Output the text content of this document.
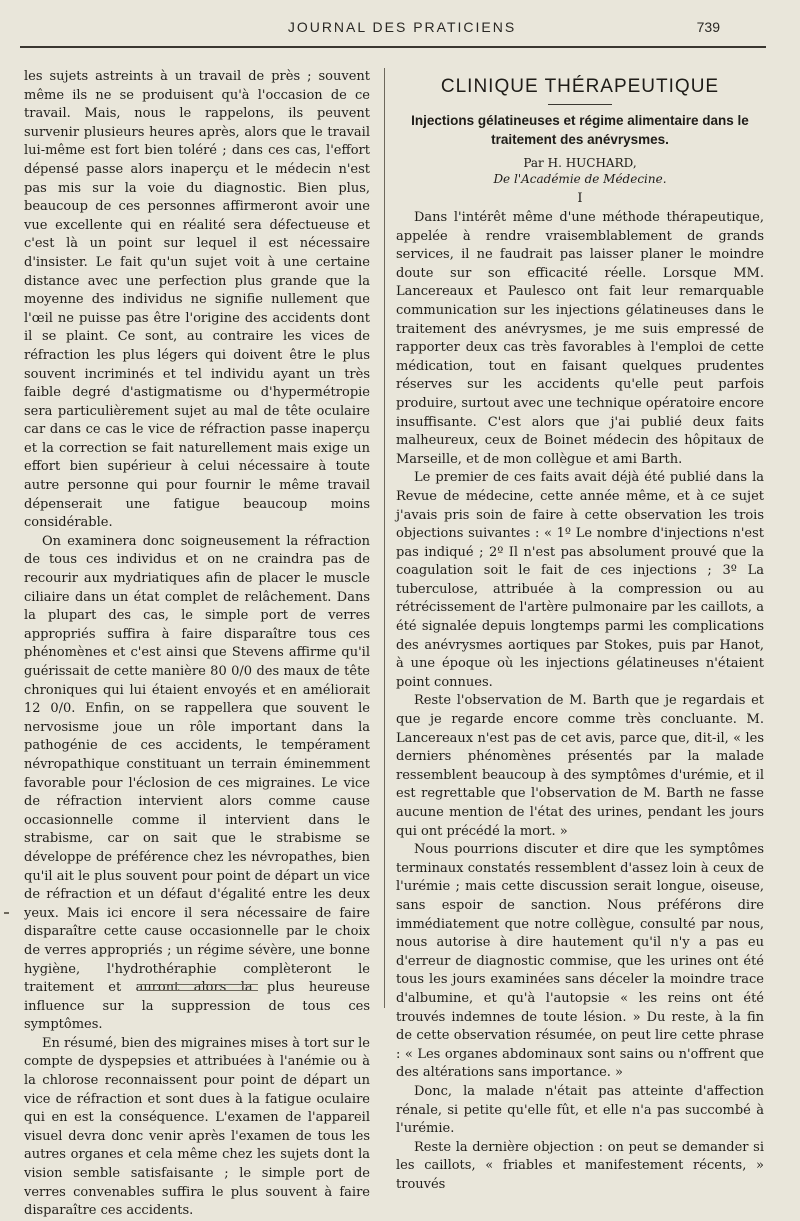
JOURNAL DES PRATICIENS	739

les sujets astreints à un travail de près ; souvent même ils ne se produisent qu'à l'occasion de ce travail. Mais, nous le rappelons, ils peuvent survenir plusieurs heures après, alors que le travail lui-même est fort bien toléré ; dans ces cas, l'effort dépensé passe alors inaperçu et le médecin n'est pas mis sur la voie du diagnostic. Bien plus, beaucoup de ces personnes affirmeront avoir une vue excellente qui en réalité sera défectueuse et c'est là un point sur lequel il est nécessaire d'insister. Le fait qu'un sujet voit à une certaine distance avec une perfection plus grande que la moyenne des individus ne signifie nullement que l'œil ne puisse pas être l'origine des accidents dont il se plaint. Ce sont, au contraire les vices de réfraction les plus légers qui doivent être le plus souvent incriminés et tel individu ayant un très faible degré d'astigmatisme ou d'hypermétropie sera particulièrement sujet au mal de tête oculaire car dans ce cas le vice de réfraction passe inaperçu et la correction se fait naturellement mais exige un effort bien supérieur à celui nécessaire à toute autre personne qui pour fournir le même travail dépenserait une fatigue beaucoup moins considérable.

On examinera donc soigneusement la réfraction de tous ces individus et on ne craindra pas de recourir aux mydriatiques afin de placer le muscle ciliaire dans un état complet de relâchement. Dans la plupart des cas, le simple port de verres appropriés suffira à faire disparaître tous ces phénomènes et c'est ainsi que Stevens affirme qu'il guérissait de cette manière 80 0/0 des maux de tête chroniques qui lui étaient envoyés et en améliorait 12 0/0. Enfin, on se rappellera que souvent le nervosisme joue un rôle important dans la pathogénie de ces accidents, le tempérament névropathique constituant un terrain éminemment favorable pour l'éclosion de ces migraines. Le vice de réfraction intervient alors comme cause occasionnelle comme il intervient dans le strabisme, car on sait que le strabisme se développe de préférence chez les névropathes, bien qu'il ait le plus souvent pour point de départ un vice de réfraction et un défaut d'égalité entre les deux yeux. Mais ici encore il sera nécessaire de faire disparaître cette cause occasionnelle par le choix de verres appropriés ; un régime sévère, une bonne hygiène, l'hydrothéraphie complèteront le traitement et auront alors la plus heureuse influence sur la suppression de tous ces symptômes.

En résumé, bien des migraines mises à tort sur le compte de dyspepsies et attribuées à l'anémie ou à la chlorose reconnaissent pour point de départ un vice de réfraction et sont dues à la fatigue oculaire qui en est la conséquence. L'examen de l'appareil visuel devra donc venir après l'examen de tous les autres organes et cela même chez les sujets dont la vision semble satisfaisante ; le simple port de verres convenables suffira le plus souvent à faire disparaître ces accidents.

CLINIQUE THÉRAPEUTIQUE
Injections gélatineuses et régime alimentaire dans le traitement des anévrysmes.

Par H. HUCHARD,

De l'Académie de Médecine.

I

Dans l'intérêt même d'une méthode thérapeutique, appelée à rendre vraisemblablement de grands services, il ne faudrait pas laisser planer le moindre doute sur son efficacité réelle. Lorsque MM. Lancereaux et Paulesco ont fait leur remarquable communication sur les injections gélatineuses dans le traitement des anévrysmes, je me suis empressé de rapporter deux cas très favorables à l'emploi de cette médication, tout en faisant quelques prudentes réserves sur les accidents qu'elle peut parfois produire, surtout avec une technique opératoire encore insuffisante. C'est alors que j'ai publié deux faits malheureux, ceux de Boinet médecin des hôpitaux de Marseille, et de mon collègue et ami Barth.

Le premier de ces faits avait déjà été publié dans la Revue de médecine, cette année même, et à ce sujet j'avais pris soin de faire à cette observation les trois objections suivantes : « 1º Le nombre d'injections n'est pas indiqué ; 2º Il n'est pas absolument prouvé que la coagulation soit le fait de ces injections ; 3º La tuberculose, attribuée à la compression ou au rétrécissement de l'artère pulmonaire par les caillots, a été signalée depuis longtemps parmi les complications des anévrysmes aortiques par Stokes, puis par Hanot, à une époque où les injections gélatineuses n'étaient point connues.

Reste l'observation de M. Barth que je regardais et que je regarde encore comme très concluante. M. Lancereaux n'est pas de cet avis, parce que, dit-il, « les derniers phénomènes présentés par la malade ressemblent beaucoup à des symptômes d'urémie, et il est regrettable que l'observation de M. Barth ne fasse aucune mention de l'état des urines, pendant les jours qui ont précédé la mort. »

Nous pourrions discuter et dire que les symptômes terminaux constatés ressemblent d'assez loin à ceux de l'urémie ; mais cette discussion serait longue, oiseuse, sans espoir de sanction. Nous préférons dire immédiatement que notre collègue, consulté par nous, nous autorise à dire hautement qu'il n'y a pas eu d'erreur de diagnostic commise, que les urines ont été tous les jours examinées sans déceler la moindre trace d'albumine, et qu'à l'autopsie « les reins ont été trouvés indemnes de toute lésion. » Du reste, à la fin de cette observation résumée, on peut lire cette phrase : « Les organes abdominaux sont sains ou n'offrent que des altérations sans importance. »

Donc, la malade n'était pas atteinte d'affection rénale, si petite qu'elle fût, et elle n'a pas succombé à l'urémie.

Reste la dernière objection : on peut se demander si les caillots, « friables et manifestement récents, » trouvés
